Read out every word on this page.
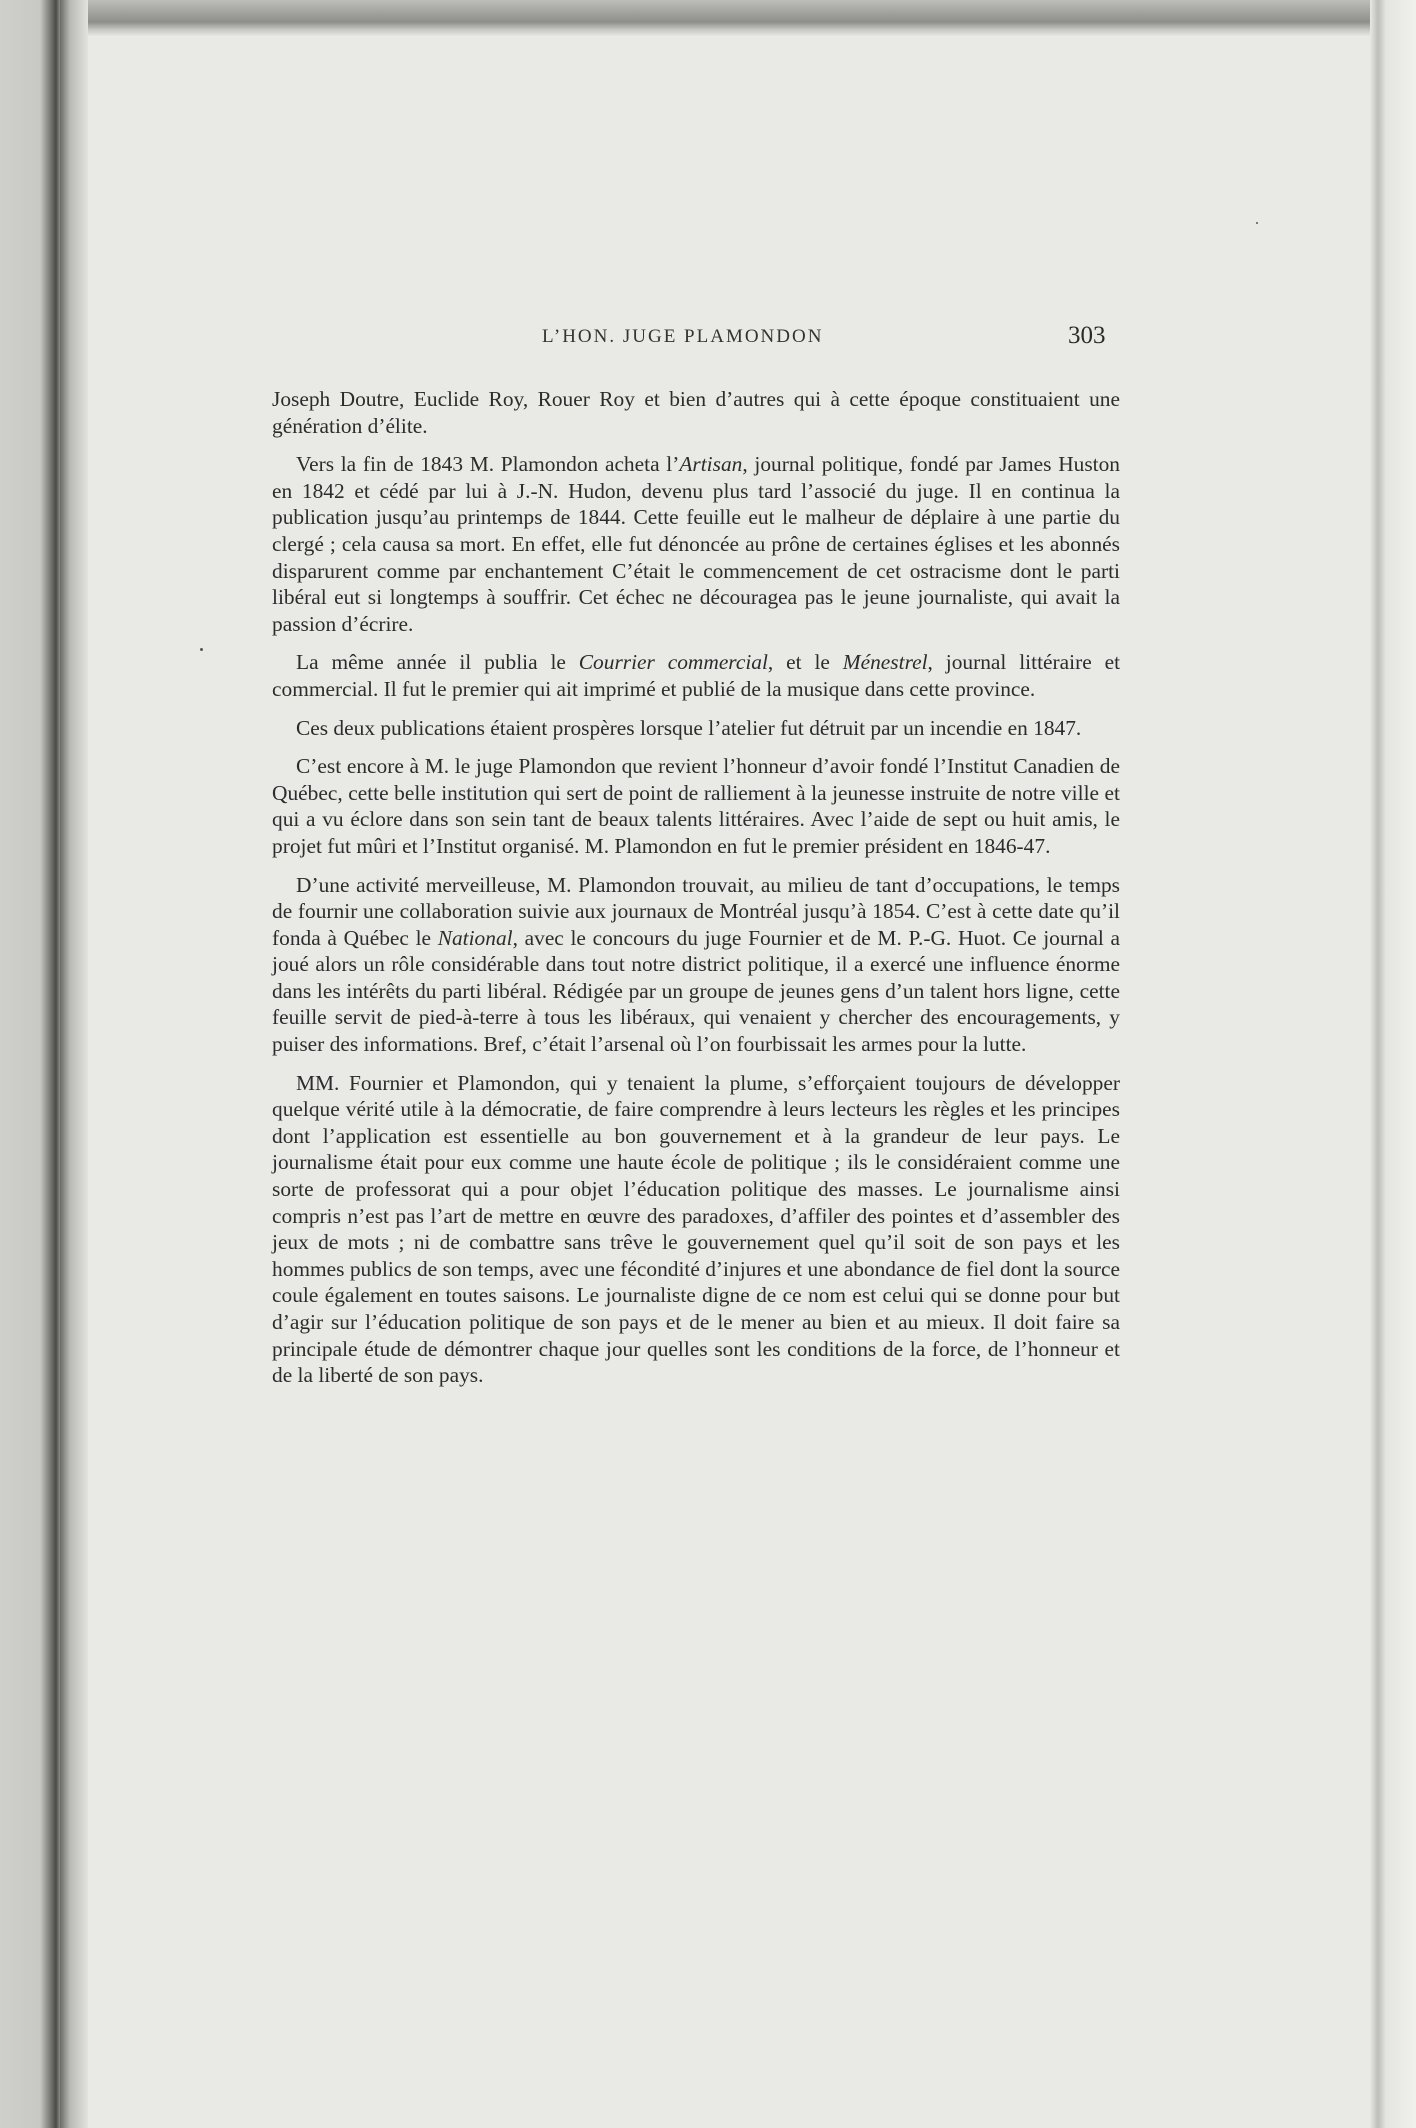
L’HON. JUGE PLAMONDON	303

Joseph Doutre, Euclide Roy, Rouer Roy et bien d’autres qui à cette époque constituaient une génération d’élite.

Vers la fin de 1843 M. Plamondon acheta l’Artisan, journal politique, fondé par James Huston en 1842 et cédé par lui à J.-N. Hudon, devenu plus tard l’associé du juge. Il en continua la publication jusqu’au printemps de 1844. Cette feuille eut le malheur de déplaire à une partie du clergé ; cela causa sa mort. En effet, elle fut dénoncée au prône de certaines églises et les abonnés disparurent comme par enchantement C’était le commencement de cet ostracisme dont le parti libéral eut si longtemps à souffrir. Cet échec ne découragea pas le jeune journaliste, qui avait la passion d’écrire.

La même année il publia le Courrier commercial, et le Ménestrel, journal littéraire et commercial. Il fut le premier qui ait imprimé et publié de la musique dans cette province.

Ces deux publications étaient prospères lorsque l’atelier fut détruit par un incendie en 1847.

C’est encore à M. le juge Plamondon que revient l’honneur d’avoir fondé l’Institut Canadien de Québec, cette belle institution qui sert de point de ralliement à la jeunesse instruite de notre ville et qui a vu éclore dans son sein tant de beaux talents littéraires. Avec l’aide de sept ou huit amis, le projet fut mûri et l’Institut organisé. M. Plamondon en fut le premier président en 1846-47.

D’une activité merveilleuse, M. Plamondon trouvait, au milieu de tant d’occupations, le temps de fournir une collaboration suivie aux journaux de Montréal jusqu’à 1854. C’est à cette date qu’il fonda à Québec le National, avec le concours du juge Fournier et de M. P.-G. Huot. Ce journal a joué alors un rôle considérable dans tout notre district politique, il a exercé une influence énorme dans les intérêts du parti libéral. Rédigée par un groupe de jeunes gens d’un talent hors ligne, cette feuille servit de pied-à-terre à tous les libéraux, qui venaient y chercher des encouragements, y puiser des informations. Bref, c’était l’arsenal où l’on fourbissait les armes pour la lutte.

MM. Fournier et Plamondon, qui y tenaient la plume, s’efforçaient toujours de développer quelque vérité utile à la démocratie, de faire comprendre à leurs lecteurs les règles et les principes dont l’application est essentielle au bon gouvernement et à la grandeur de leur pays. Le journalisme était pour eux comme une haute école de politique ; ils le considéraient comme une sorte de professorat qui a pour objet l’éducation politique des masses. Le journalisme ainsi compris n’est pas l’art de mettre en œuvre des paradoxes, d’affiler des pointes et d’assembler des jeux de mots ; ni de combattre sans trêve le gouvernement quel qu’il soit de son pays et les hommes publics de son temps, avec une fécondité d’injures et une abondance de fiel dont la source coule également en toutes saisons. Le journaliste digne de ce nom est celui qui se donne pour but d’agir sur l’éducation politique de son pays et de le mener au bien et au mieux. Il doit faire sa principale étude de démontrer chaque jour quelles sont les conditions de la force, de l’honneur et de la liberté de son pays.
